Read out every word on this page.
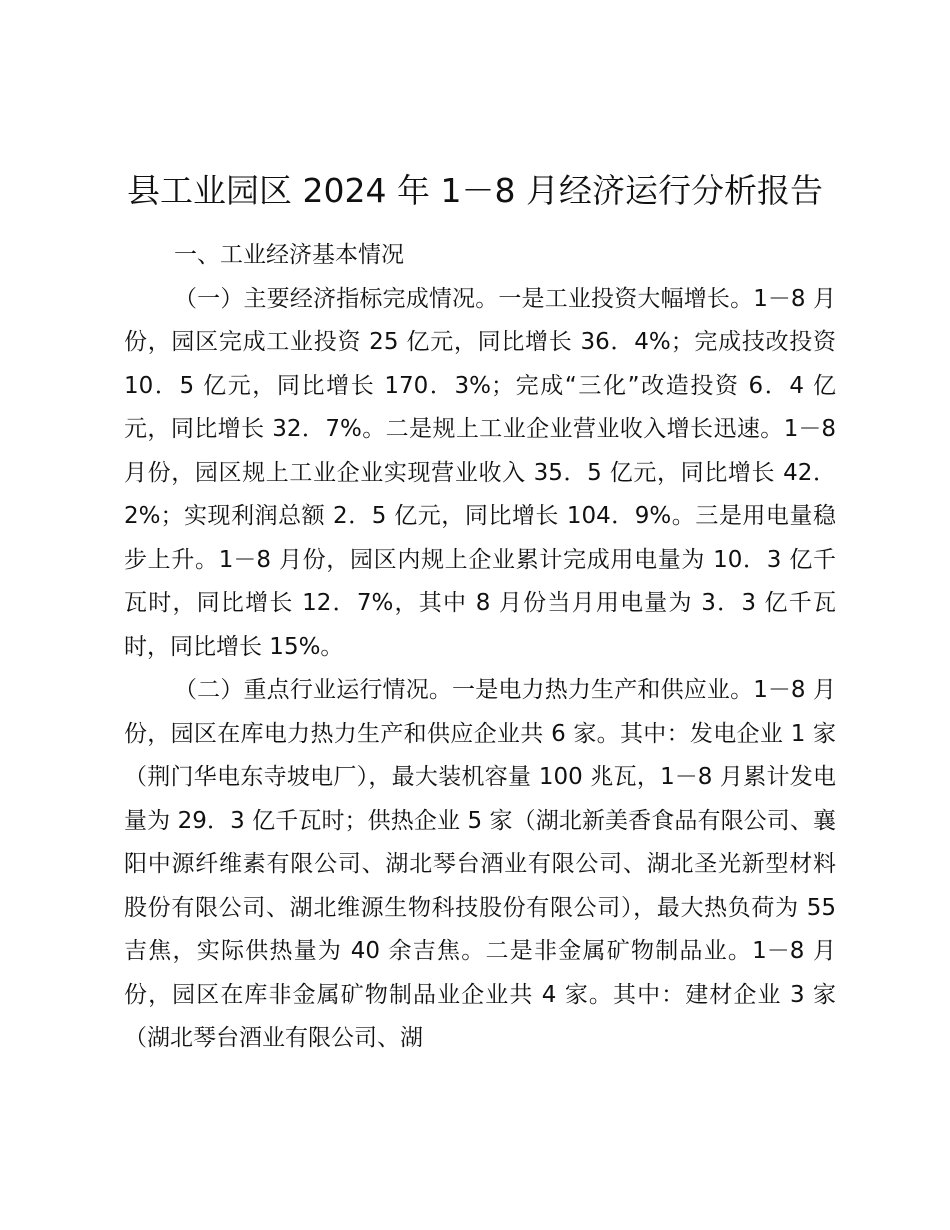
县工业园区 2024 年 1－8 月经济运行分析报告

一、工业经济基本情况

（一）主要经济指标完成情况。一是工业投资大幅增长。1－8 月份，园区完成工业投资 25 亿元，同比增长 36．4%；完成技改投资 10．5 亿元，同比增长 170．3%；完成“三化”改造投资 6．4 亿元，同比增长 32．7%。二是规上工业企业营业收入增长迅速。1－8 月份，园区规上工业企业实现营业收入 35．5 亿元，同比增长 42．2%；实现利润总额 2．5 亿元，同比增长 104．9%。三是用电量稳步上升。1－8 月份，园区内规上企业累计完成用电量为 10．3 亿千瓦时，同比增长 12．7%，其中 8 月份当月用电量为 3．3 亿千瓦时，同比增长 15%。

（二）重点行业运行情况。一是电力热力生产和供应业。1－8 月份，园区在库电力热力生产和供应企业共 6 家。其中：发电企业 1 家（荆门华电东寺坡电厂），最大装机容量 100 兆瓦，1－8 月累计发电量为 29．3 亿千瓦时；供热企业 5 家（湖北新美香食品有限公司、襄阳中源纤维素有限公司、湖北琴台酒业有限公司、湖北圣光新型材料股份有限公司、湖北维源生物科技股份有限公司），最大热负荷为 55 吉焦，实际供热量为 40 余吉焦。二是非金属矿物制品业。1－8 月份，园区在库非金属矿物制品业企业共 4 家。其中：建材企业 3 家（湖北琴台酒业有限公司、湖
